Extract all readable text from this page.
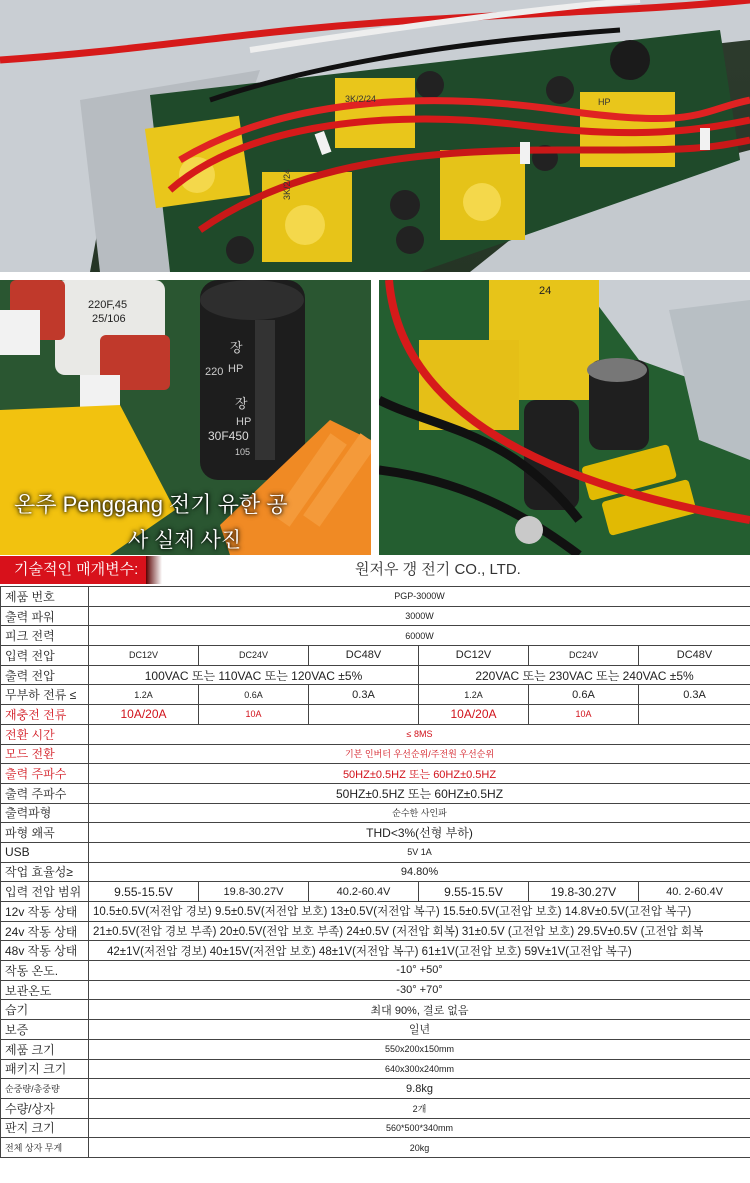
3K/2/24
3K/2/24
HP
220F,45
25/106
장
220 HP
장
HP
30F450
105
24
온주 Penggang 전기 유한 공
사 실제 사진
기술적인 매개변수:	원저우 갱 전기 CO., LTD.
제품 번호	PGP-3000W					
출력 파워	3000W					
피크 전력	6000W					
입력 전압	DC12V	DC24V	DC48V	DC12V	DC24V	DC48V
출력 전압	100VAC 또는 110VAC 또는 120VAC ±5%			220VAC 또는 230VAC 또는 240VAC ±5%		
무부하 전류 ≤	1.2A	0.6A	0.3A	1.2A	0.6A	0.3A
재충전 전류	10A/20A	10A		10A/20A	10A	
전환 시간	≤ 8MS					
모드 전환	기본 인버터 우선순위/주전원 우선순위					
출력 주파수	50HZ±0.5HZ 또는 60HZ±0.5HZ					
출력 주파수	50HZ±0.5HZ 또는 60HZ±0.5HZ					
출력파형	순수한 사인파					
파형 왜곡	THD<3%(선형 부하)					
USB	5V 1A					
작업 효율성≥	94.80%					
입력 전압 범위	9.55-15.5V	19.8-30.27V	40.2-60.4V	9.55-15.5V	19.8-30.27V	40. 2-60.4V
12v 작동 상태	10.5±0.5V(저전압 경보) 9.5±0.5V(저전압 보호) 13±0.5V(저전압 복구) 15.5±0.5V(고전압 보호) 14.8V±0.5V(고전압 복구)					
24v 작동 상태	21±0.5V(전압 경보 부족) 20±0.5V(전압 보호 부족) 24±0.5V (저전압 회복) 31±0.5V (고전압 보호) 29.5V±0.5V (고전압 회복					
48v 작동 상태	42±1V(저전압 경보) 40±15V(저전압 보호) 48±1V(저전압 복구) 61±1V(고전압 보호) 59V±1V(고전압 복구)					
작동 온도.	-10° +50°					
보관온도	-30° +70°					
습기	최대 90%, 결로 없음					
보증	일년					
제품 크기	550x200x150mm					
패키지 크기	640x300x240mm					
순중량/총중량	9.8kg					
수량/상자	2개					
판지 크기	560*500*340mm					
전체 상자 무게	20kg					
